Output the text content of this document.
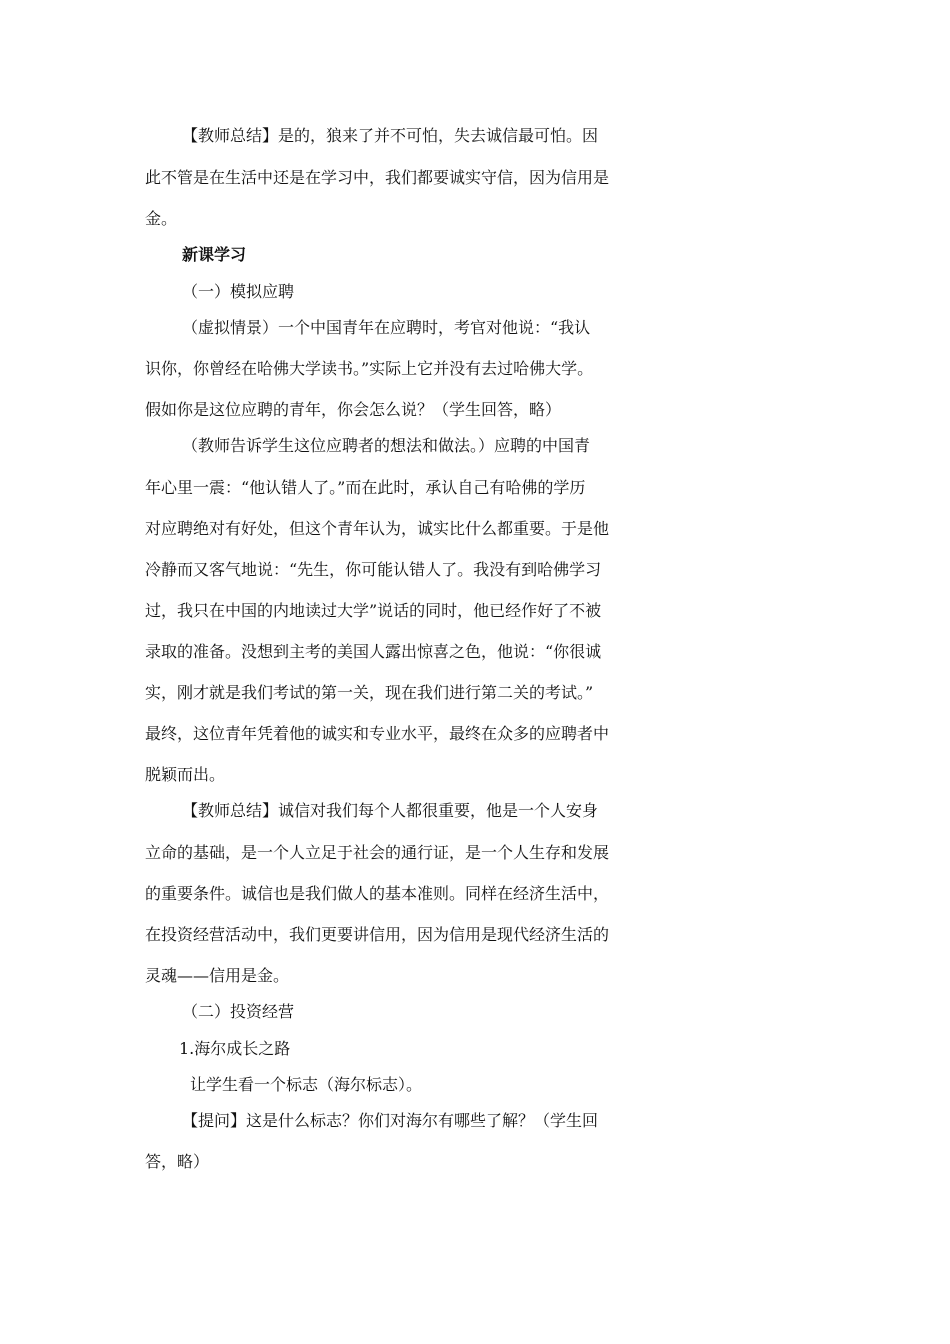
【教师总结】是的，狼来了并不可怕，失去诚信最可怕。因
此不管是在生活中还是在学习中，我们都要诚实守信，因为信用是
金。
新课学习
（一）模拟应聘
（虚拟情景）一个中国青年在应聘时，考官对他说：“我认
识你，你曾经在哈佛大学读书。”实际上它并没有去过哈佛大学。
假如你是这位应聘的青年，你会怎么说？（学生回答，略）
（教师告诉学生这位应聘者的想法和做法。）应聘的中国青
年心里一震：“他认错人了。”而在此时，承认自己有哈佛的学历
对应聘绝对有好处，但这个青年认为，诚实比什么都重要。于是他
冷静而又客气地说：“先生，你可能认错人了。我没有到哈佛学习
过，我只在中国的内地读过大学”说话的同时，他已经作好了不被
录取的准备。没想到主考的美国人露出惊喜之色，他说：“你很诚
实，刚才就是我们考试的第一关，现在我们进行第二关的考试。”
最终，这位青年凭着他的诚实和专业水平，最终在众多的应聘者中
脱颖而出。
【教师总结】诚信对我们每个人都很重要，他是一个人安身
立命的基础，是一个人立足于社会的通行证，是一个人生存和发展
的重要条件。诚信也是我们做人的基本准则。同样在经济生活中，
在投资经营活动中，我们更要讲信用，因为信用是现代经济生活的
灵魂——信用是金。
（二）投资经营
1.海尔成长之路
让学生看一个标志（海尔标志）。
【提问】这是什么标志？你们对海尔有哪些了解？（学生回
答，略）
